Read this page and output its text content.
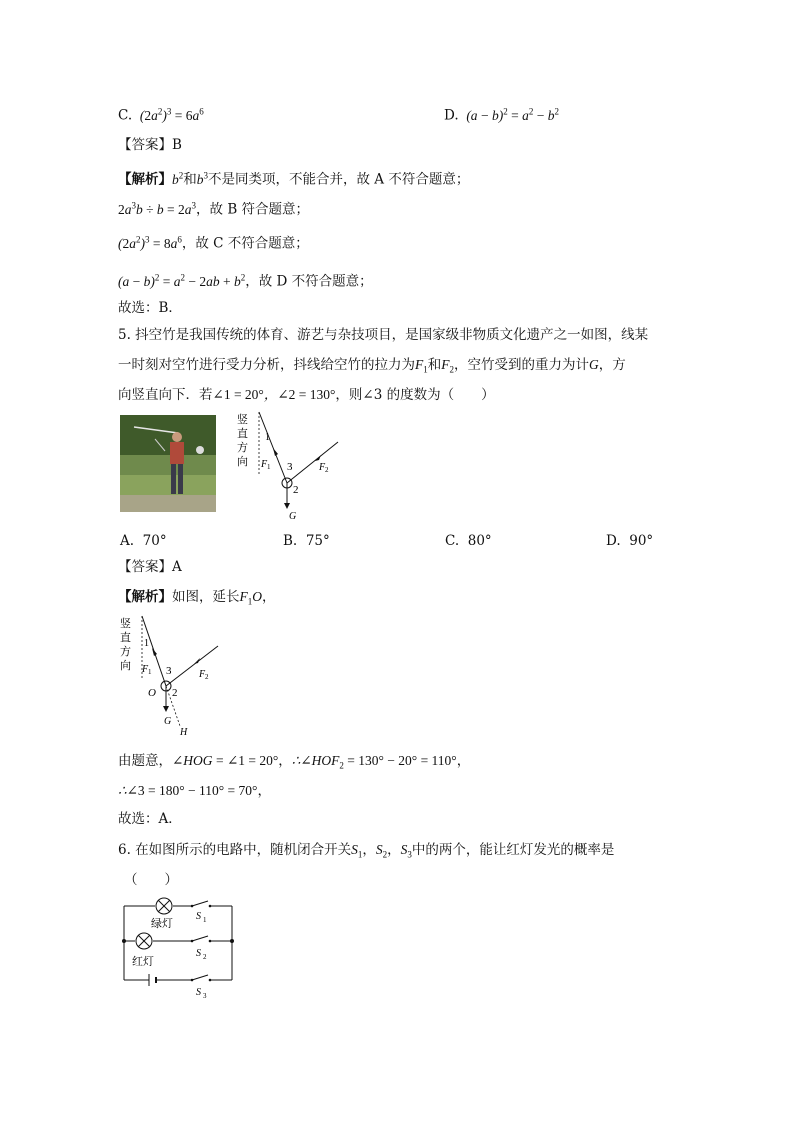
C.  $(2a^2)^3 = 6a^6$	D.  $(a - b)^2 = a^2 - b^2$
【答案】B
【解析】$b^2$和$b^3$不是同类项，不能合并，故 A 不符合题意；
$2a^3b \div b = 2a^3$，故 B 符合题意；
$(2a^2)^3 = 8a^6$，故 C 不符合题意；
$(a - b)^2 = a^2 - 2ab + b^2$，故 D 不符合题意；
故选：B．
5. 抖空竹是我国传统的体育、游艺与杂技项目，是国家级非物质文化遗产之一如图，线某
一时刻对空竹进行受力分析，抖线给空竹的拉力为$F_1$和$F_2$，空竹受到的重力为计G，方
向竖直向下．若∠1 = 20°，∠2 = 130°，则∠3 的度数为（　　）
竖
直
方
向
1
F 1 3	F 2
2
G
A. 70°	B. 75°	C. 80°	D. 90°
【答案】A
【解析】如图，延长$F_1O$，
竖
直
方
向
1
F 1 3	F 2
O 2
G
H
由题意，∠HOG = ∠1 = 20°，$\therefore\angle HOF_2 = 130^\circ - 20^\circ = 110^\circ$，
∴∠3 = 180° − 110° = 70°，
故选：A．
6. 在如图所示的电路中，随机闭合开关$S_1$，$S_2$，$S_3$中的两个，能让红灯发光的概率是
（　　）
绿灯
红灯
S 1
S 2
S 3
